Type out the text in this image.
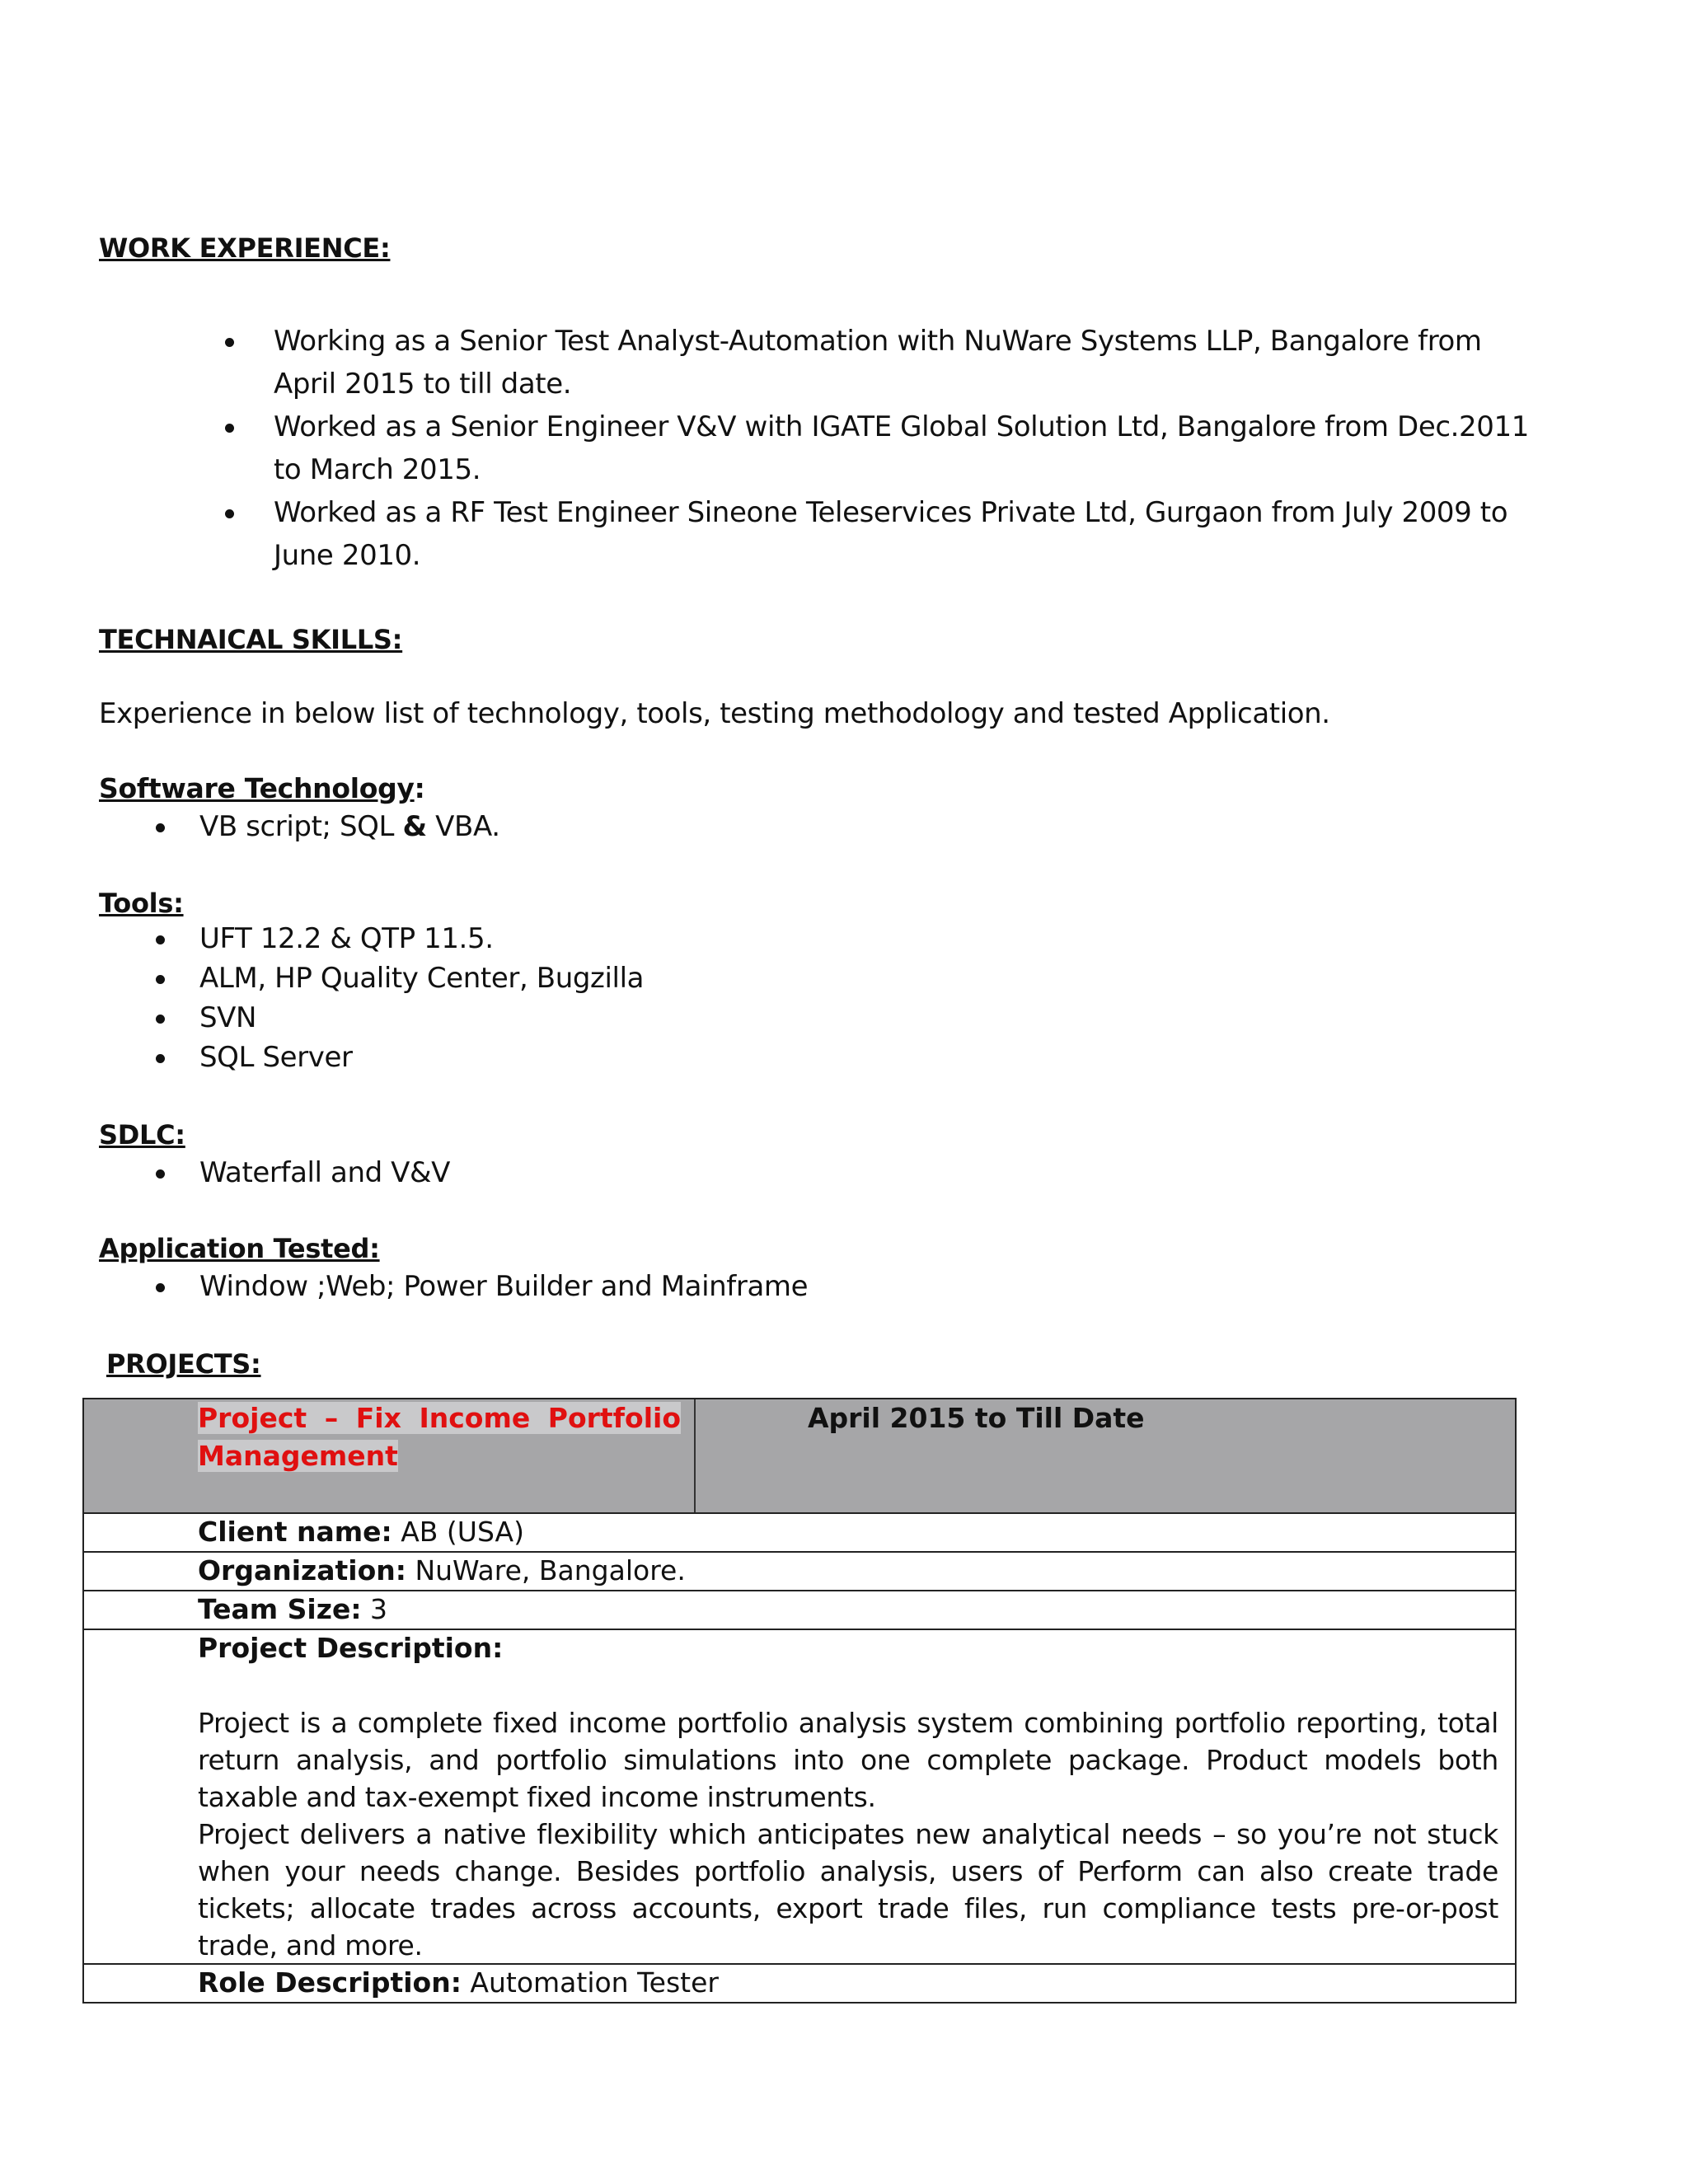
WORK EXPERIENCE:
Working as a Senior Test Analyst-Automation with NuWare Systems LLP, Bangalore from April 2015 to till date.
Worked as a Senior Engineer V&V with IGATE Global Solution Ltd, Bangalore from Dec.2011 to March 2015.
Worked as a RF Test Engineer Sineone Teleservices Private Ltd, Gurgaon from July 2009 to June 2010.
TECHNAICAL SKILLS:
Experience in below list of technology, tools, testing methodology and tested Application.
Software Technology:
VB script; SQL & VBA.
Tools:
UFT 12.2 & QTP 11.5.
ALM, HP Quality Center, Bugzilla
SVN
SQL Server
SDLC:
Waterfall and V&V
Application Tested:
Window ;Web; Power Builder and Mainframe
PROJECTS:
Project – Fix Income Portfolio Management
April 2015 to Till Date
Client name: AB (USA)
Organization: NuWare, Bangalore.
Team Size: 3
Project Description:

Project is a complete fixed income portfolio analysis system combining portfolio reporting, total return analysis, and portfolio simulations into one complete package. Product models both taxable and tax-exempt fixed income instruments.

Project delivers a native flexibility which anticipates new analytical needs – so you’re not stuck when your needs change. Besides portfolio analysis, users of Perform can also create trade tickets; allocate trades across accounts, export trade files, run compliance tests pre-or-post trade, and more.

Role Description: Automation Tester
